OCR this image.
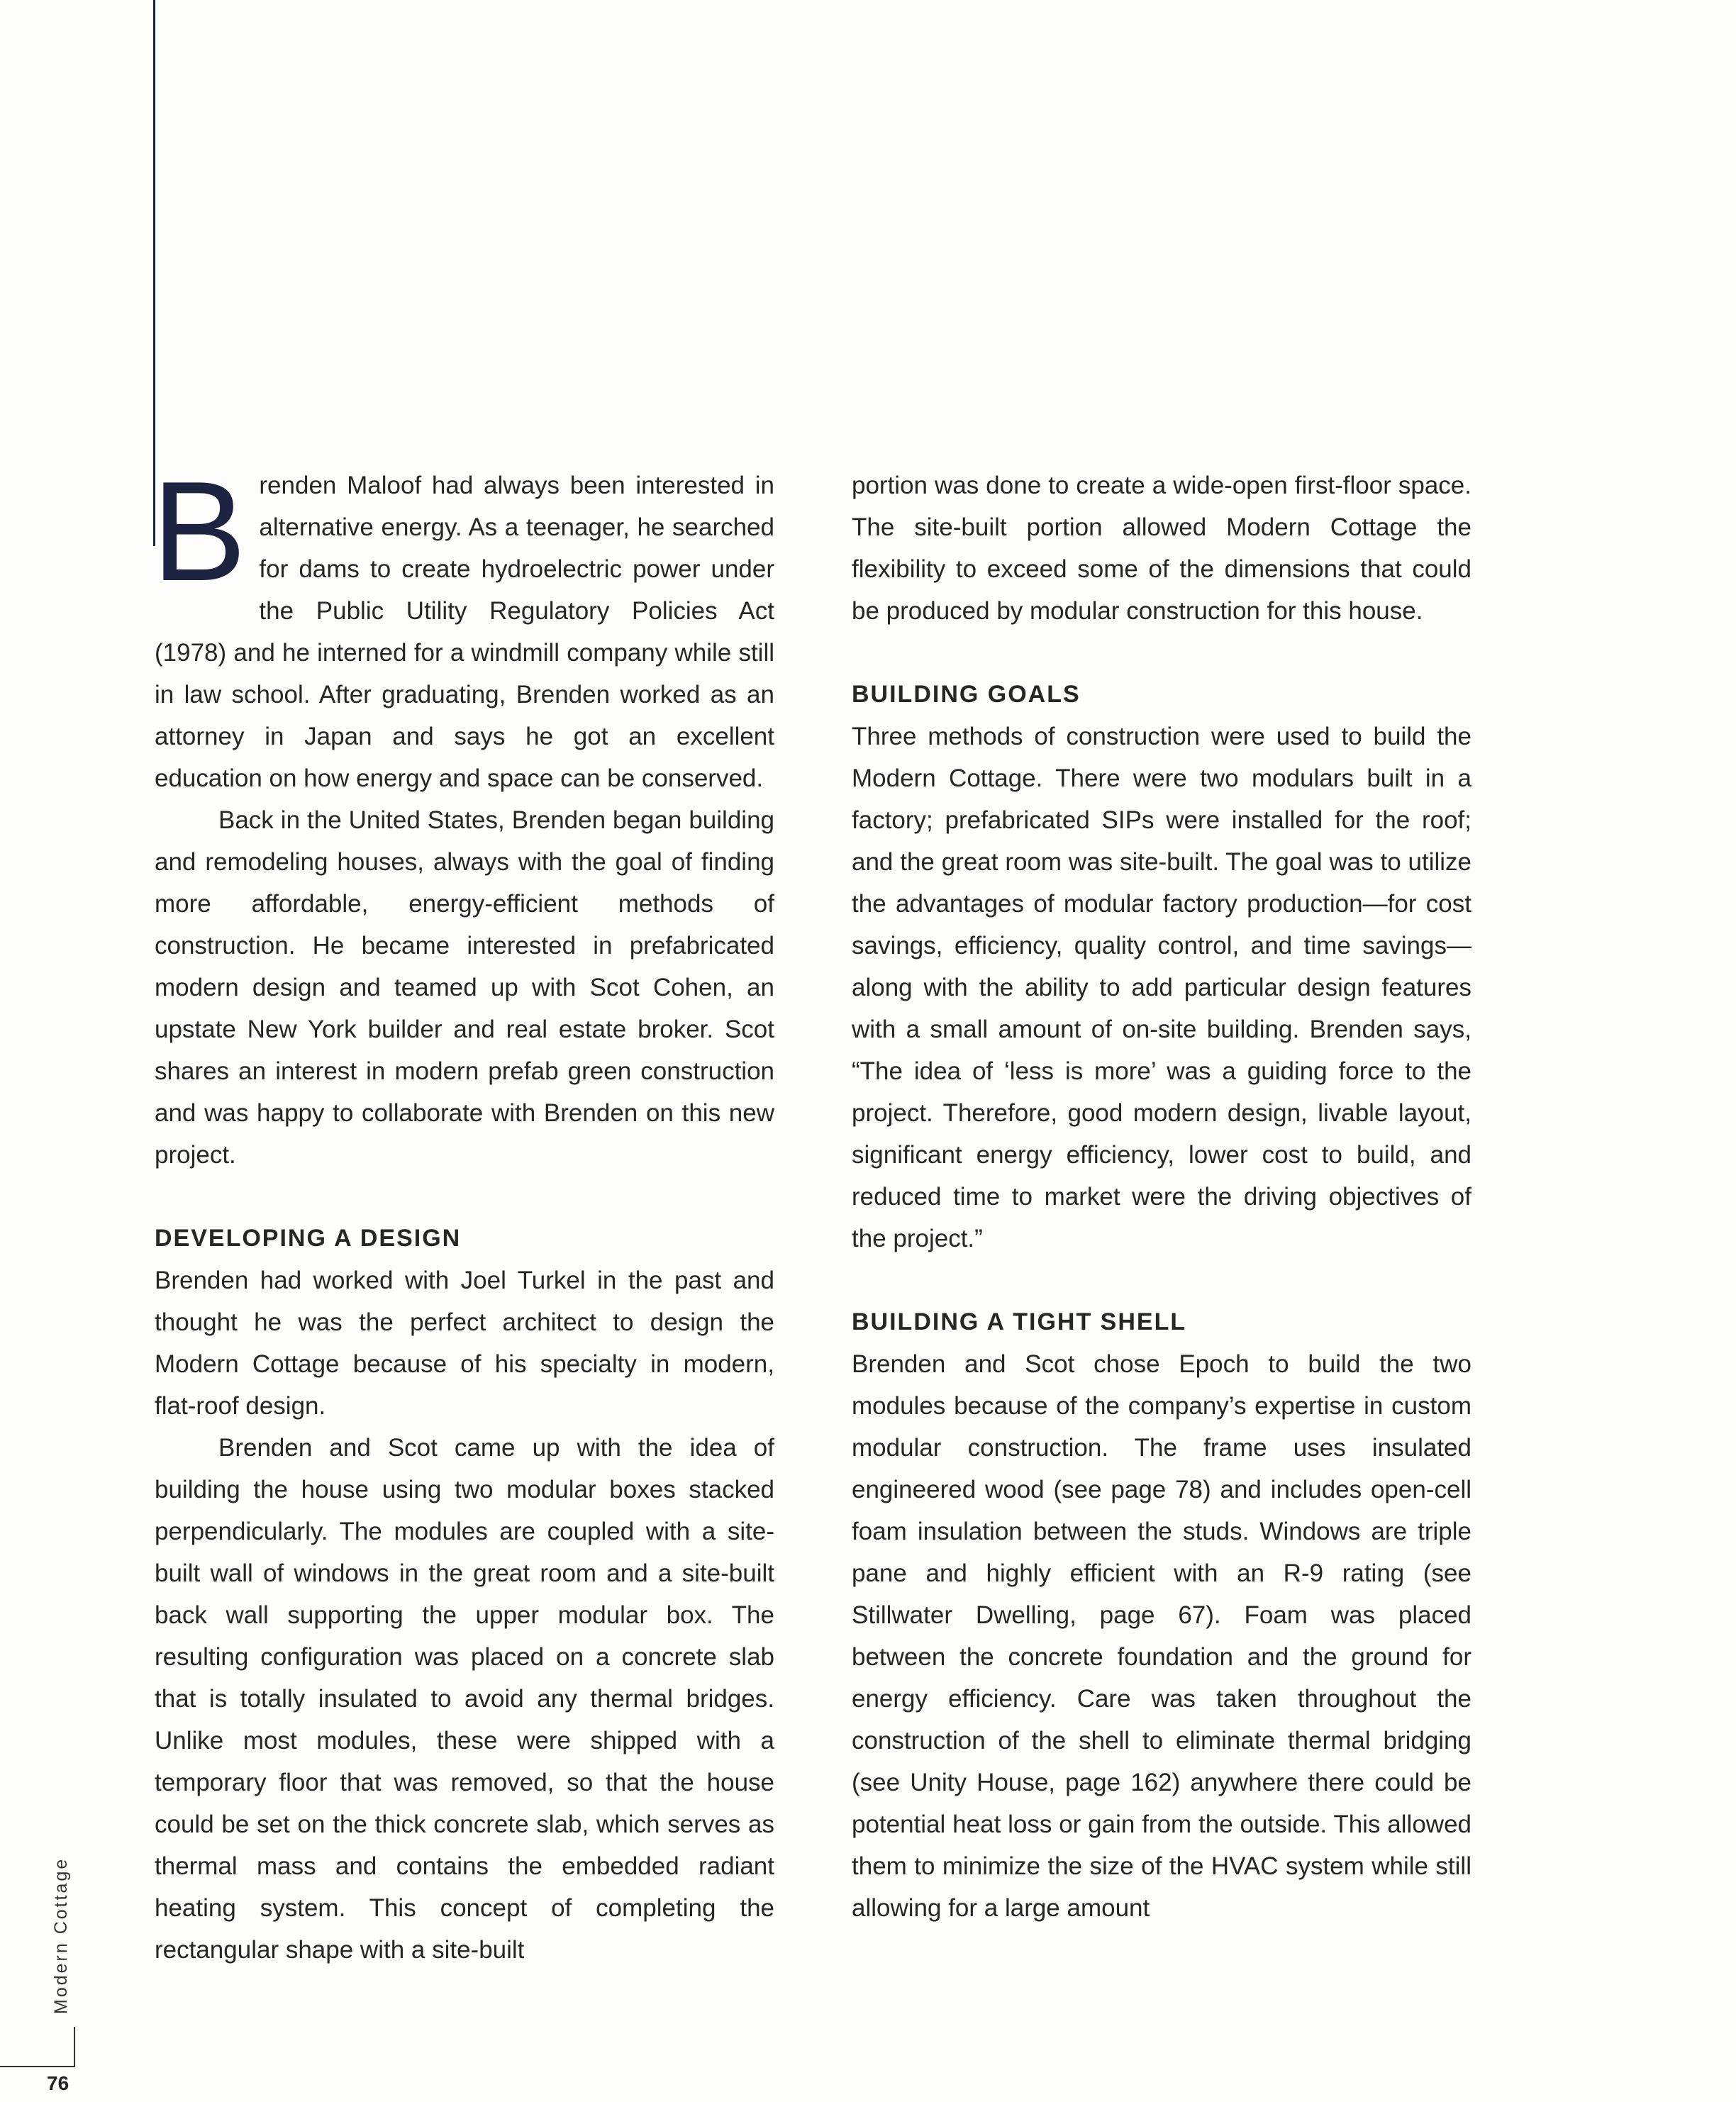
Brenden Maloof had always been interested in alternative energy. As a teenager, he searched for dams to create hydroelectric power under the Public Utility Regulatory Policies Act (1978) and he interned for a windmill company while still in law school. After graduating, Brenden worked as an attorney in Japan and says he got an excellent education on how energy and space can be conserved.

Back in the United States, Brenden began building and remodeling houses, always with the goal of finding more affordable, energy-efficient methods of construction. He became interested in prefabricated modern design and teamed up with Scot Cohen, an upstate New York builder and real estate broker. Scot shares an interest in modern prefab green construction and was happy to collaborate with Brenden on this new project.

DEVELOPING A DESIGN

Brenden had worked with Joel Turkel in the past and thought he was the perfect architect to design the Modern Cottage because of his specialty in modern, flat-roof design.

Brenden and Scot came up with the idea of building the house using two modular boxes stacked perpendicularly. The modules are coupled with a site-built wall of windows in the great room and a site-built back wall supporting the upper modular box. The resulting configuration was placed on a concrete slab that is totally insulated to avoid any thermal bridges. Unlike most modules, these were shipped with a temporary floor that was removed, so that the house could be set on the thick concrete slab, which serves as thermal mass and contains the embedded radiant heating system. This concept of completing the rectangular shape with a site-built

portion was done to create a wide-open first-floor space. The site-built portion allowed Modern Cottage the flexibility to exceed some of the dimensions that could be produced by modular construction for this house.

BUILDING GOALS

Three methods of construction were used to build the Modern Cottage. There were two modulars built in a factory; prefabricated SIPs were installed for the roof; and the great room was site-built. The goal was to utilize the advantages of modular factory production—for cost savings, efficiency, quality control, and time savings—along with the ability to add particular design features with a small amount of on-site building. Brenden says, “The idea of ‘less is more’ was a guiding force to the project. Therefore, good modern design, livable layout, significant energy efficiency, lower cost to build, and reduced time to market were the driving objectives of the project.”

BUILDING A TIGHT SHELL

Brenden and Scot chose Epoch to build the two modules because of the company’s expertise in custom modular construction. The frame uses insulated engineered wood (see page 78) and includes open-cell foam insulation between the studs. Windows are triple pane and highly efficient with an R-9 rating (see Stillwater Dwelling, page 67). Foam was placed between the concrete foundation and the ground for energy efficiency. Care was taken throughout the construction of the shell to eliminate thermal bridging (see Unity House, page 162) anywhere there could be potential heat loss or gain from the outside. This allowed them to minimize the size of the HVAC system while still allowing for a large amount

Modern Cottage
76
